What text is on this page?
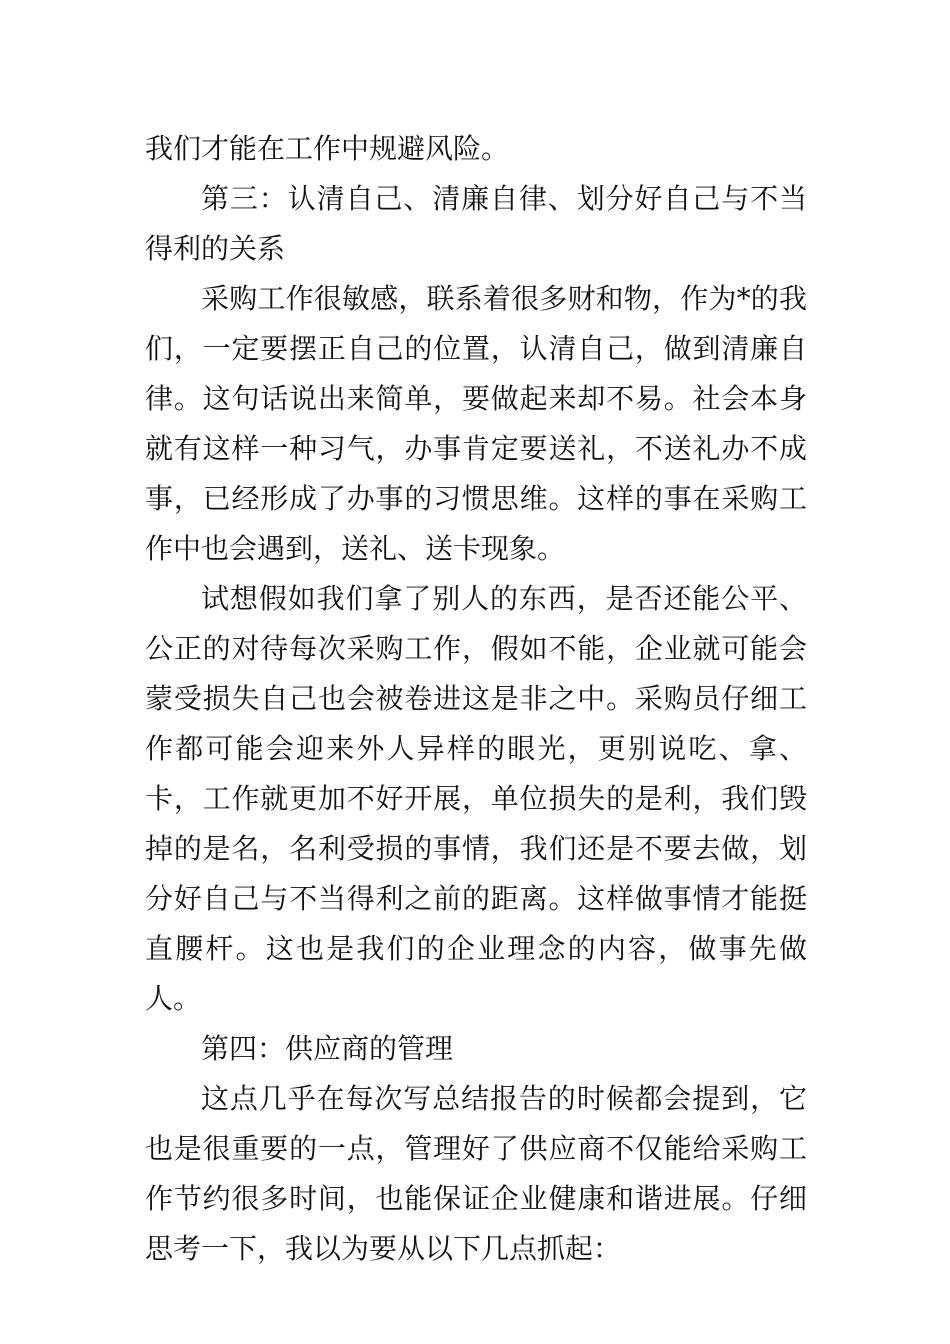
我们才能在工作中规避风险。

第三：认清自己、清廉自律、划分好自己与不当得利的关系

采购工作很敏感，联系着很多财和物，作为*的我们，一定要摆正自己的位置，认清自己，做到清廉自律。这句话说出来简单，要做起来却不易。社会本身就有这样一种习气，办事肯定要送礼，不送礼办不成事，已经形成了办事的习惯思维。这样的事在采购工作中也会遇到，送礼、送卡现象。

试想假如我们拿了别人的东西，是否还能公平、公正的对待每次采购工作，假如不能，企业就可能会蒙受损失自己也会被卷进这是非之中。采购员仔细工作都可能会迎来外人异样的眼光，更别说吃、拿、卡，工作就更加不好开展，单位损失的是利，我们毁掉的是名，名利受损的事情，我们还是不要去做，划分好自己与不当得利之前的距离。这样做事情才能挺直腰杆。这也是我们的企业理念的内容，做事先做人。

第四：供应商的管理

这点几乎在每次写总结报告的时候都会提到，它也是很重要的一点，管理好了供应商不仅能给采购工作节约很多时间，也能保证企业健康和谐进展。仔细思考一下，我以为要从以下几点抓起：
